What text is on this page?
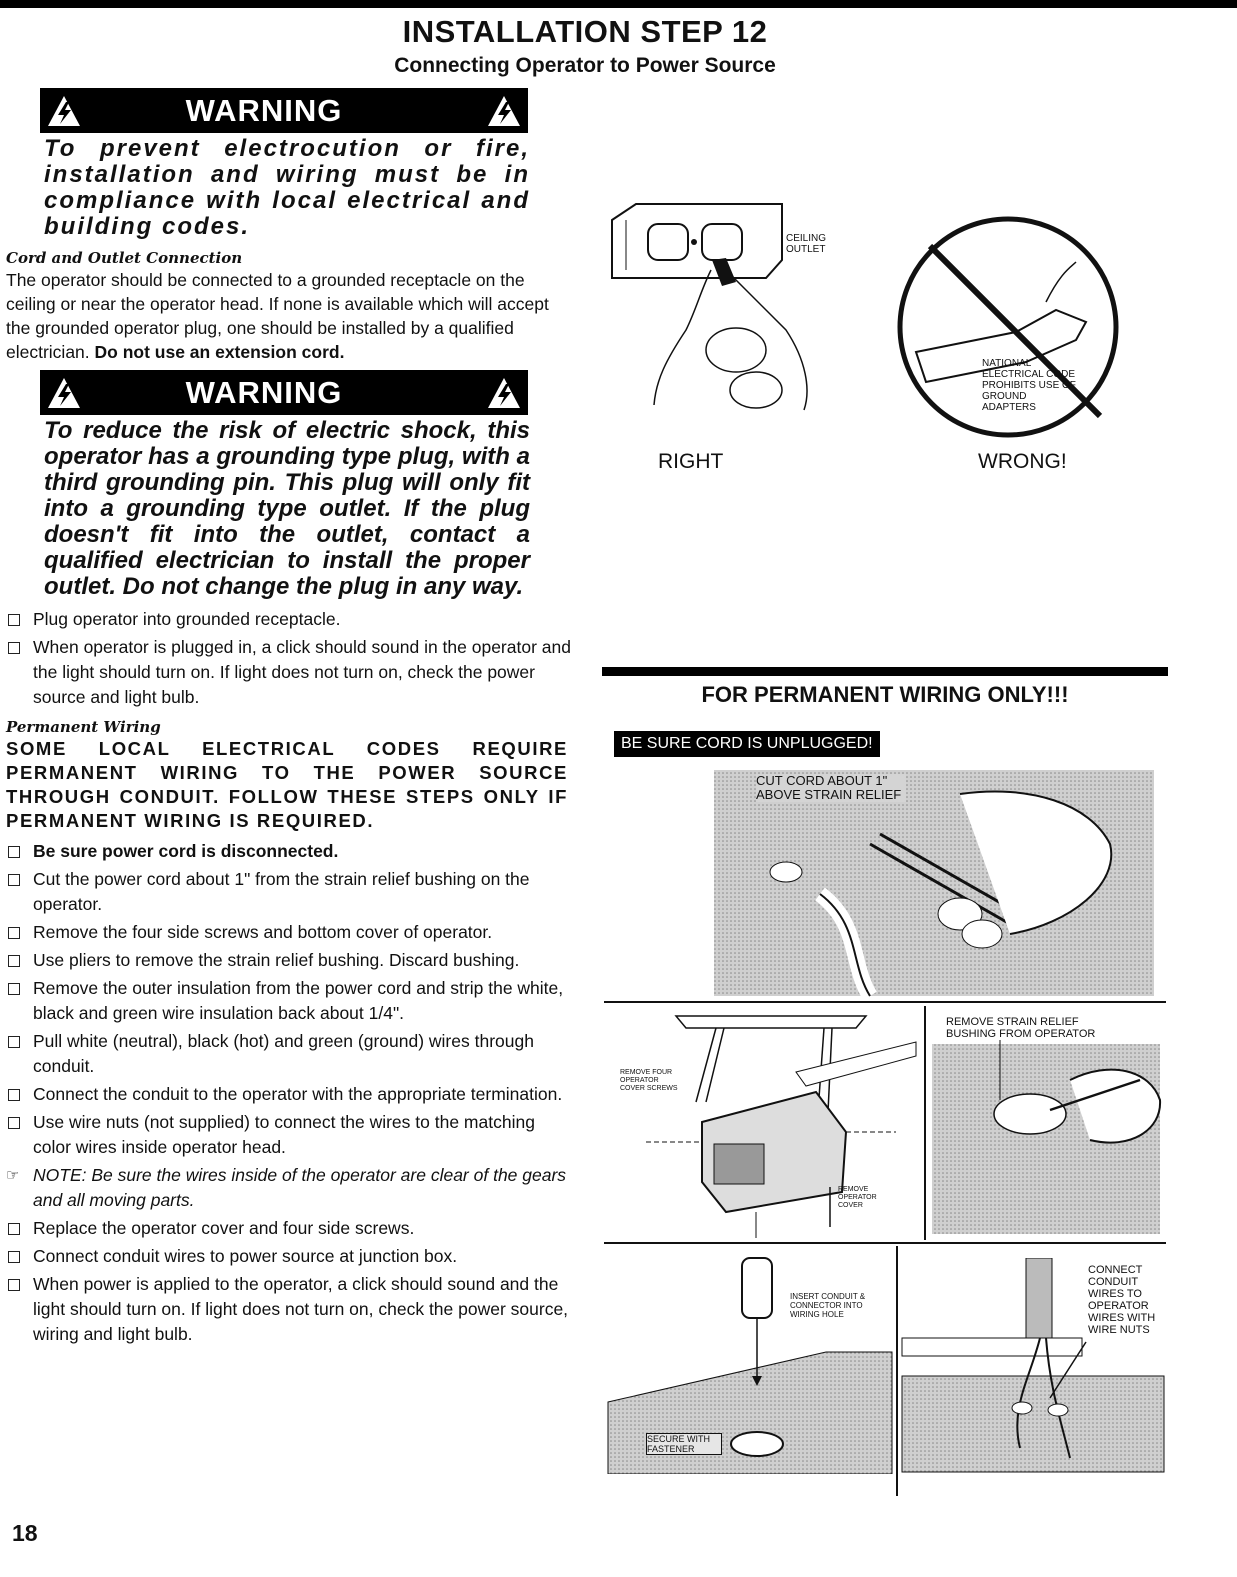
INSTALLATION STEP 12
Connecting Operator to Power Source
WARNING
To prevent electrocution or fire, installation and wiring must be in compliance with local electrical and building codes.
Cord and Outlet Connection
The operator should be connected to a grounded receptacle on the ceiling or near the operator head. If none is available which will accept the grounded operator plug, one should be installed by a qualified electrician. Do not use an extension cord.
WARNING
To reduce the risk of electric shock, this operator has a grounding type plug, with a third grounding pin. This plug will only fit into a grounding type outlet. If the plug doesn't fit into the outlet, contact a qualified electrician to install the proper outlet. Do not change the plug in any way.
Plug operator into grounded receptacle.
When operator is plugged in, a click should sound in the operator and the light should turn on. If light does not turn on, check the power source and light bulb.
Permanent Wiring
SOME LOCAL ELECTRICAL CODES REQUIRE PERMANENT WIRING TO THE POWER SOURCE THROUGH CONDUIT. FOLLOW THESE STEPS ONLY IF PERMANENT WIRING IS REQUIRED.
Be sure power cord is disconnected.
Cut the power cord about 1" from the strain relief bushing on the operator.
Remove the four side screws and bottom cover of operator.
Use pliers to remove the strain relief bushing. Discard bushing.
Remove the outer insulation from the power cord and strip the white, black and green wire insulation back about 1/4".
Pull white (neutral), black (hot) and green (ground) wires through conduit.
Connect the conduit to the operator with the appropriate termination.
Use wire nuts (not supplied) to connect the wires to the matching color wires inside operator head.
☞ NOTE: Be sure the wires inside of the operator are clear of the gears and all moving parts.
Replace the operator cover and four side screws.
Connect conduit wires to power source at junction box.
When power is applied to the operator, a click should sound and the light should turn on. If light does not turn on, check the power source, wiring and light bulb.
18
CEILING OUTLET
RIGHT
NATIONAL ELECTRICAL CODE PROHIBITS USE OF GROUND ADAPTERS
WRONG!
FOR PERMANENT WIRING ONLY!!!
BE SURE CORD IS UNPLUGGED!
CUT CORD ABOUT 1" ABOVE STRAIN RELIEF
REMOVE FOUR OPERATOR COVER SCREWS
REMOVE OPERATOR COVER
REMOVE STRAIN RELIEF BUSHING FROM OPERATOR
INSERT CONDUIT & CONNECTOR INTO WIRING HOLE
SECURE WITH FASTENER
CONNECT CONDUIT WIRES TO OPERATOR WIRES WITH WIRE NUTS
